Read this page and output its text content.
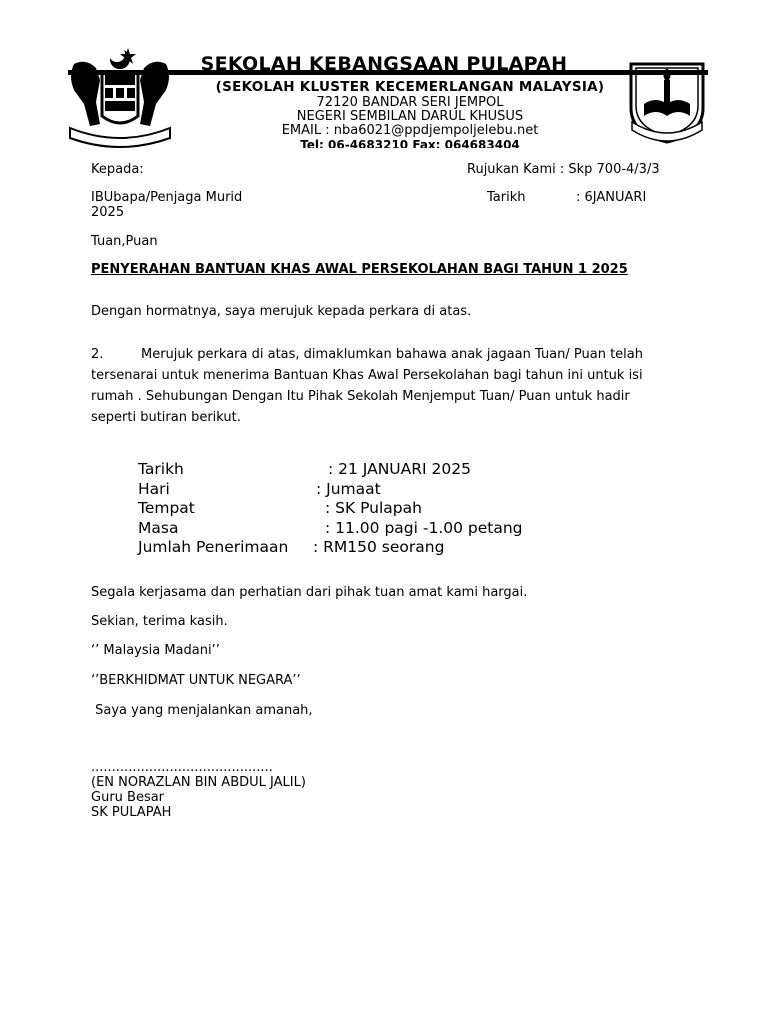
SEKOLAH KEBANGSAAN PULAPAH
(SEKOLAH KLUSTER KECEMERLANGAN MALAYSIA)
72120 BANDAR SERI JEMPOL
NEGERI SEMBILAN DARUL KHUSUS
EMAIL : nba6021@ppdjempoljelebu.net
Tel: 06-4683210 Fax: 064683404
Kepada:	Rujukan Kami : Skp 700-4/3/3
IBUbapa/Penjaga Murid	Tarikh	: 6JANUARI
2025
Tuan,Puan
PENYERAHAN BANTUAN KHAS AWAL PERSEKOLAHAN BAGI TAHUN 1 2025
Dengan hormatnya, saya merujuk kepada perkara di atas.
2.	Merujuk perkara di atas, dimaklumkan bahawa anak jagaan Tuan/ Puan telah
tersenarai untuk menerima Bantuan Khas Awal Persekolahan bagi tahun ini untuk isi
rumah . Sehubungan Dengan Itu Pihak Sekolah Menjemput Tuan/ Puan untuk hadir
seperti butiran berikut.
Tarikh	: 21 JANUARI 2025
Hari	: Jumaat
Tempat	: SK Pulapah
Masa	: 11.00 pagi -1.00 petang
Jumlah Penerimaan : RM150 seorang
Segala kerjasama dan perhatian dari pihak tuan amat kami hargai.
Sekian, terima kasih.
‘’ Malaysia Madani’’
‘’BERKHIDMAT UNTUK NEGARA’’
Saya yang menjalankan amanah,
............................................
(EN NORAZLAN BIN ABDUL JALIL)
Guru Besar
SK PULAPAH
